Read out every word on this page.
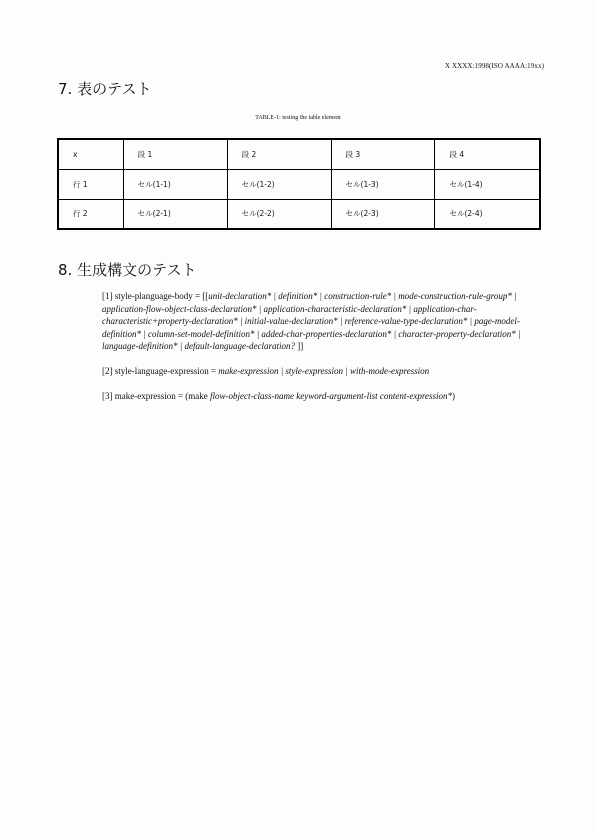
X XXXX:1998(ISO AAAA:19xx)
7. 表のテスト
TABLE-1: testing the table element
x	段 1	段 2	段 3	段 4
行 1	セル(1-1)	セル(1-2)	セル(1-3)	セル(1-4)
行 2	セル(2-1)	セル(2-2)	セル(2-3)	セル(2-4)
8. 生成構文のテスト
[1] style-planguage-body = [[unit-declaration* | definition* | construction-rule* | mode-construction-rule-group* | application-flow-object-class-declaration* | application-characteristic-declaration* | application-char-characteristic+property-declaration* | initial-value-declaration* | reference-value-type-declaration* | page-model-definition* | column-set-model-definition* | added-char-properties-declaration* | character-property-declaration* | language-definition* | default-language-declaration? ]]
[2] style-language-expression = make-expression | style-expression | with-mode-expression
[3] make-expression = (make flow-object-class-name keyword-argument-list content-expression*)
